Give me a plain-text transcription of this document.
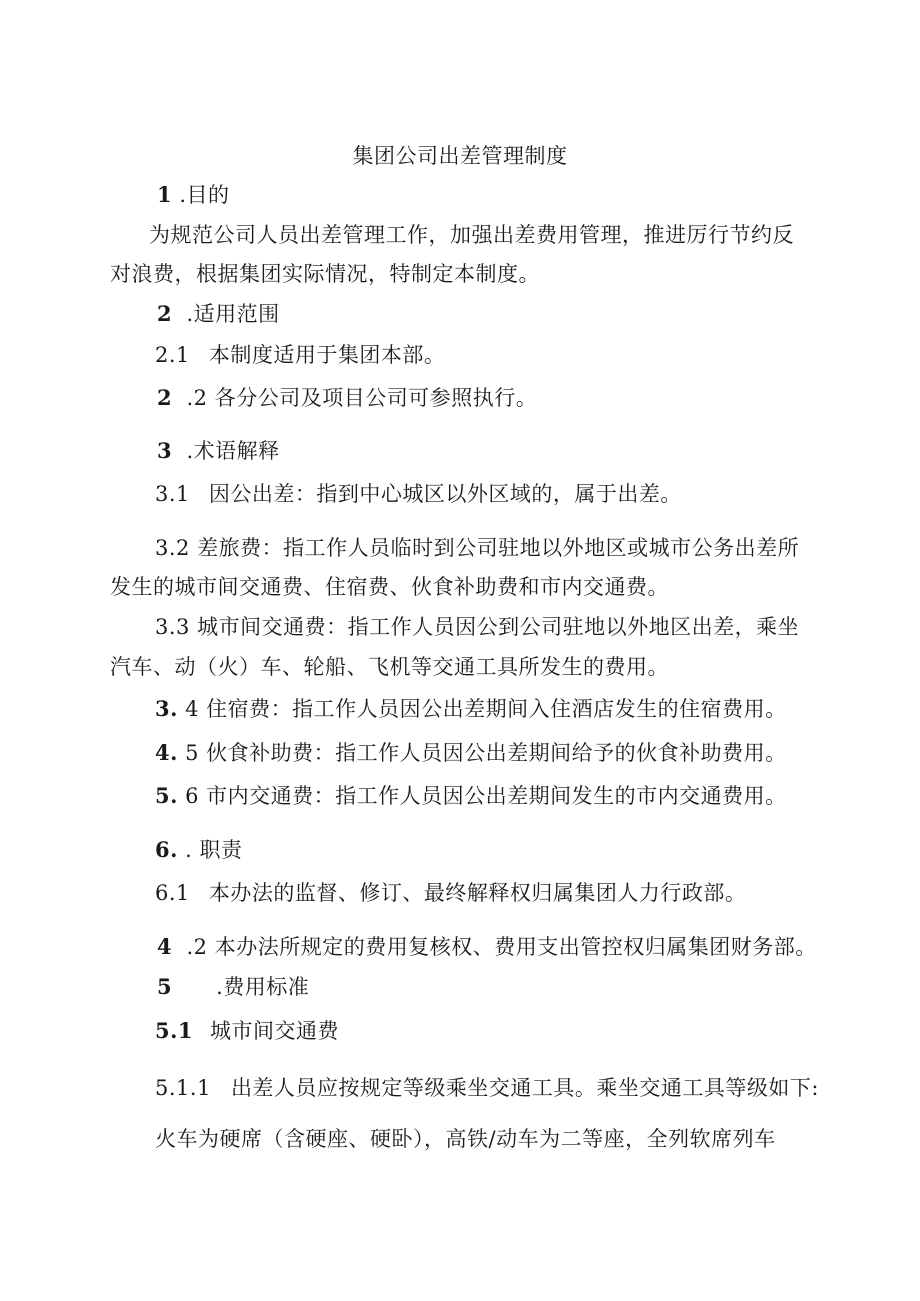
集团公司出差管理制度
1 .目的
为规范公司人员出差管理工作，加强出差费用管理，推进厉行节约反
对浪费，根据集团实际情况，特制定本制度。
2 .适用范围
2.1 本制度适用于集团本部。
2 .2 各分公司及项目公司可参照执行。
3 .术语解释
3.1 因公出差：指到中心城区以外区域的，属于出差。
3.2 差旅费：指工作人员临时到公司驻地以外地区或城市公务出差所
发生的城市间交通费、住宿费、伙食补助费和市内交通费。
3.3 城市间交通费：指工作人员因公到公司驻地以外地区出差，乘坐
汽车、动（火）车、轮船、飞机等交通工具所发生的费用。
3. 4 住宿费：指工作人员因公出差期间入住酒店发生的住宿费用。
4. 5 伙食补助费：指工作人员因公出差期间给予的伙食补助费用。
5. 6 市内交通费：指工作人员因公出差期间发生的市内交通费用。
6. . 职责
6.1 本办法的监督、修订、最终解释权归属集团人力行政部。
4 .2 本办法所规定的费用复核权、费用支出管控权归属集团财务部。
5 .费用标准
5.1 城市间交通费
5.1.1 出差人员应按规定等级乘坐交通工具。乘坐交通工具等级如下:
火车为硬席（含硬座、硬卧），高铁/动车为二等座，全列软席列车
